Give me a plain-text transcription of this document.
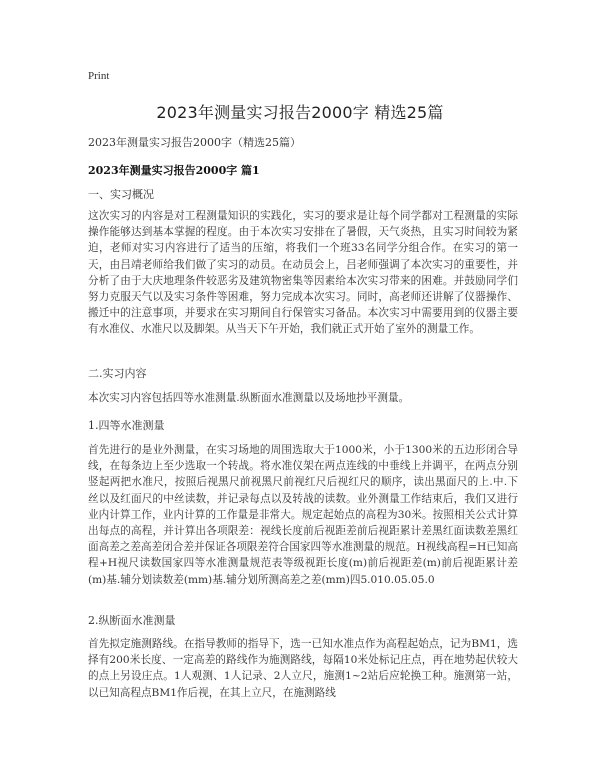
Print
2023年测量实习报告2000字 精选25篇
2023年测量实习报告2000字（精选25篇）
2023年测量实习报告2000字 篇1
一、实习概况

这次实习的内容是对工程测量知识的实践化，实习的要求是让每个同学都对工程测量的实际操作能够达到基本掌握的程度。由于本次实习安排在了暑假，天气炎热，且实习时间较为紧迫，老师对实习内容进行了适当的压缩，将我们一个班33名同学分组合作。在实习的第一天，由吕靖老师给我们做了实习的动员。在动员会上，吕老师强调了本次实习的重要性，并分析了由于大庆地理条件较恶劣及建筑物密集等因素给本次实习带来的困难。并鼓励同学们努力克服天气以及实习条件等困难，努力完成本次实习。同时，高老师还讲解了仪器操作、搬迁中的注意事项，并要求在实习期间自行保管实习备品。本次实习中需要用到的仪器主要有水准仪、水准尺以及脚架。从当天下午开始，我们就正式开始了室外的测量工作。

二.实习内容

本次实习内容包括四等水准测量.纵断面水准测量以及场地抄平测量。

1.四等水准测量

首先进行的是业外测量，在实习场地的周围选取大于1000米，小于1300米的五边形闭合导线，在每条边上至少选取一个转战。将水准仪架在两点连线的中垂线上并调平，在两点分别竖起两把水准尺，按照后视黑尺前视黑尺前视红尺后视红尺的顺序，读出黑面尺的上.中.下丝以及红面尺的中丝读数，并记录每点以及转战的读数。业外测量工作结束后，我们又进行业内计算工作，业内计算的工作量是非常大。规定起始点的高程为30米。按照相关公式计算出每点的高程，并计算出各项限差：视线长度前后视距差前后视距累计差黑红面读数差黑红面高差之差高差闭合差并保证各项限差符合国家四等水准测量的规范。H视线高程=H已知高程+H视尺读数国家四等水准测量规范表等级视距长度(m)前后视距差(m)前后视距累计差(m)基.辅分划读数差(mm)基.辅分划所测高差之差(mm)四5.010.05.05.0

2.纵断面水准测量

首先拟定施测路线。在指导教师的指导下，选一已知水准点作为高程起始点，记为BM1，选择有200米长度、一定高差的路线作为施测路线，每隔10米处标记庄点，再在地势起伏较大的点上另设庄点。1人观测、1人记录、2人立尺，施测1~2站后应轮换工种。施测第一站，以已知高程点BM1作后视，在其上立尺，在施测路线
